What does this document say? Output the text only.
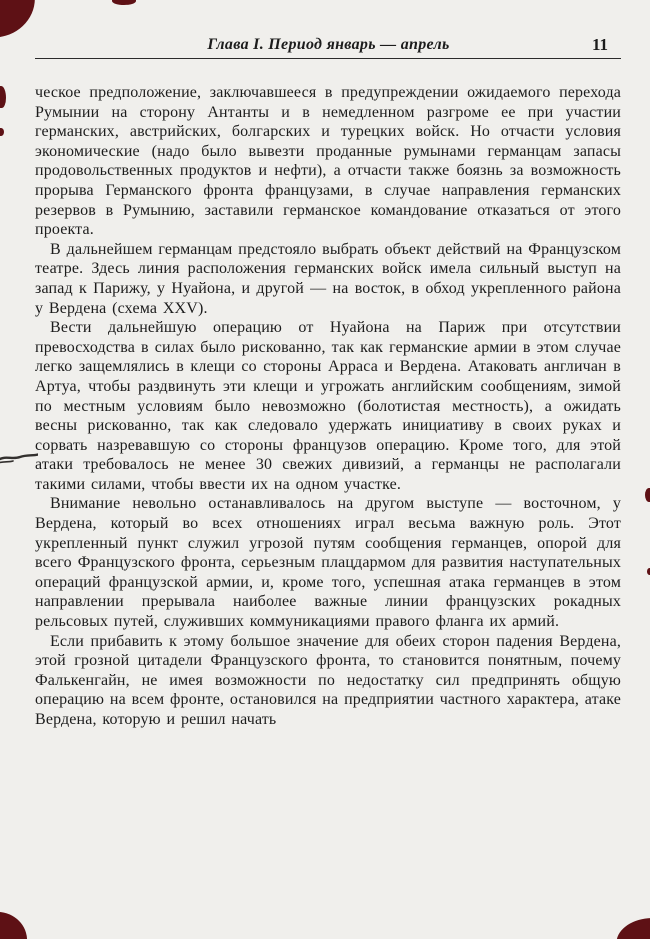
Глава I. Период январь — апрель	11

ческое предположение, заключавшееся в предупреждении ожидаемого перехода Румынии на сторону Антанты и в немедленном разгроме ее при участии германских, австрийских, болгарских и турецких войск. Но отчасти условия экономические (надо было вывезти проданные румынами германцам запасы продовольственных продуктов и нефти), а отчасти также боязнь за возможность прорыва Германского фронта французами, в случае направления германских резервов в Румынию, заставили германское командование отказаться от этого проекта.

В дальнейшем германцам предстояло выбрать объект действий на Французском театре. Здесь линия расположения германских войск имела сильный выступ на запад к Парижу, у Нуайона, и другой — на восток, в обход укрепленного района у Вердена (схема XXV).

Вести дальнейшую операцию от Нуайона на Париж при отсутствии превосходства в силах было рискованно, так как германские армии в этом случае легко защемлялись в клещи со стороны Арраса и Вердена. Атаковать англичан в Артуа, чтобы раздвинуть эти клещи и угрожать английским сообщениям, зимой по местным условиям было невозможно (болотистая местность), а ожидать весны рискованно, так как следовало удержать инициативу в своих руках и сорвать назревавшую со стороны французов операцию. Кроме того, для этой атаки требовалось не менее 30 свежих дивизий, а германцы не располагали такими силами, чтобы ввести их на одном участке.

Внимание невольно останавливалось на другом выступе — восточном, у Вердена, который во всех отношениях играл весьма важную роль. Этот укрепленный пункт служил угрозой путям сообщения германцев, опорой для всего Французского фронта, серьезным плацдармом для развития наступательных операций французской армии, и, кроме того, успешная атака германцев в этом направлении прерывала наиболее важные линии французских рокадных рельсовых путей, служивших коммуникациями правого фланга их армий.

Если прибавить к этому большое значение для обеих сторон падения Вердена, этой грозной цитадели Французского фронта, то становится понятным, почему Фалькенгайн, не имея возможности по недостатку сил предпринять общую операцию на всем фронте, остановился на предприятии частного характера, атаке Вердена, которую и решил начать
